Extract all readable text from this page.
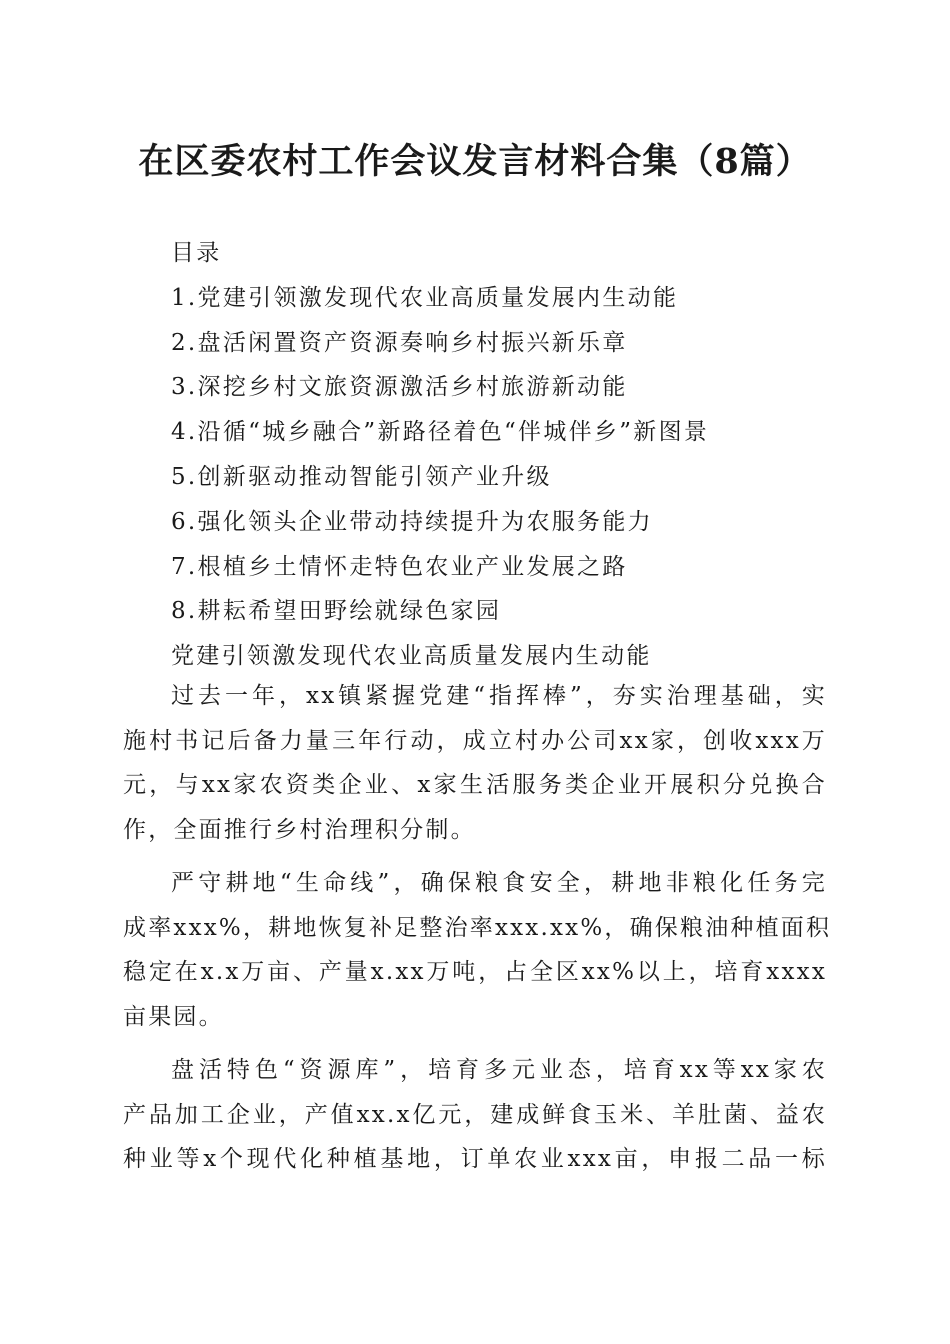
在区委农村工作会议发言材料合集（8篇）
目录
1.党建引领激发现代农业高质量发展内生动能
2.盘活闲置资产资源奏响乡村振兴新乐章
3.深挖乡村文旅资源激活乡村旅游新动能
4.沿循“城乡融合”新路径着色“伴城伴乡”新图景
5.创新驱动推动智能引领产业升级
6.强化领头企业带动持续提升为农服务能力
7.根植乡土情怀走特色农业产业发展之路
8.耕耘希望田野绘就绿色家园
党建引领激发现代农业高质量发展内生动能

过去一年，xx镇紧握党建“指挥棒”，夯实治理基础，实
施村书记后备力量三年行动，成立村办公司xx家，创收xxx万
元，与xx家农资类企业、x家生活服务类企业开展积分兑换合
作，全面推行乡村治理积分制。

严守耕地“生命线”，确保粮食安全，耕地非粮化任务完
成率xxx%，耕地恢复补足整治率xxx.xx%，确保粮油种植面积
稳定在x.x万亩、产量x.xx万吨，占全区xx%以上，培育xxxx
亩果园。

盘活特色“资源库”，培育多元业态，培育xx等xx家农
产品加工企业，产值xx.x亿元，建成鲜食玉米、羊肚菌、益农
种业等x个现代化种植基地，订单农业xxx亩，申报二品一标
